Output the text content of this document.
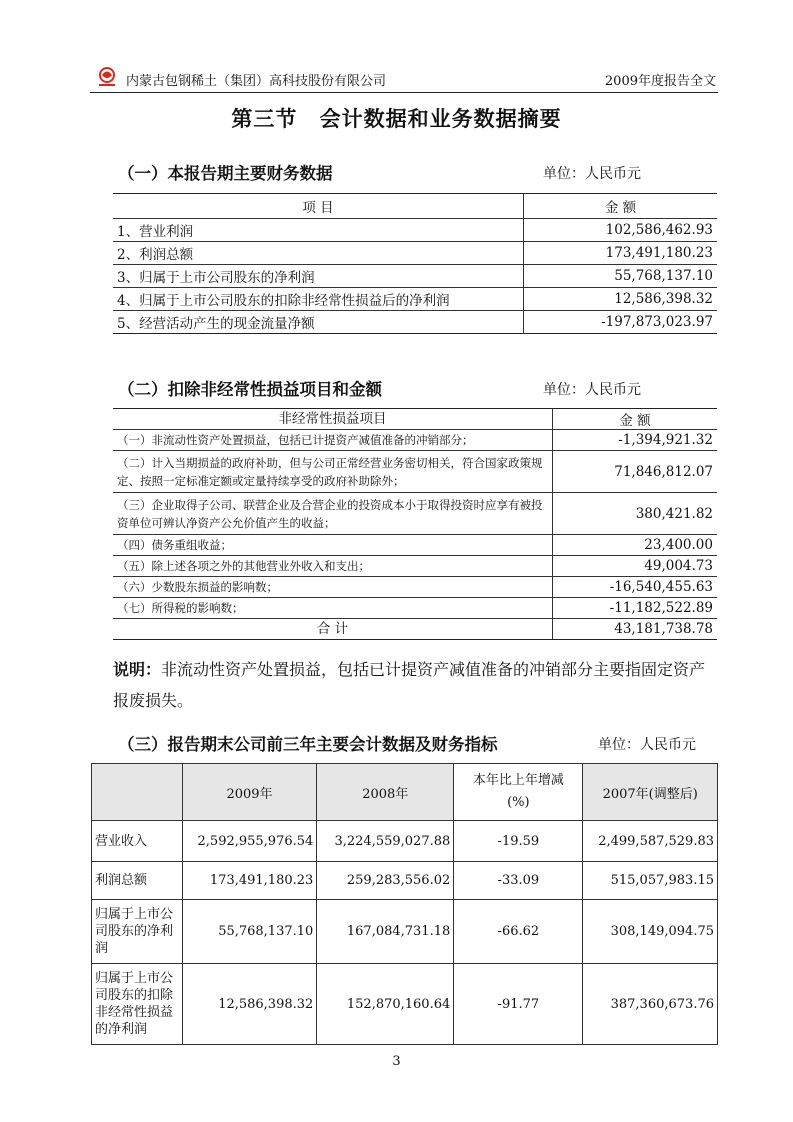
内蒙古包钢稀土（集团）高科技股份有限公司	2009年度报告全文
第三节 会计数据和业务数据摘要
（一）本报告期主要财务数据	单位：人民币元
项 目	金 额
1、营业利润	102,586,462.93
2、利润总额	173,491,180.23
3、归属于上市公司股东的净利润	55,768,137.10
4、归属于上市公司股东的扣除非经常性损益后的净利润	12,586,398.32
5、经营活动产生的现金流量净额	-197,873,023.97
（二）扣除非经常性损益项目和金额	单位：人民币元
非经常性损益项目	金 额
（一）非流动性资产处置损益，包括已计提资产减值准备的冲销部分；	-1,394,921.32
（二）计入当期损益的政府补助，但与公司正常经营业务密切相关，符合国家政策规定、按照一定标准定额或定量持续享受的政府补助除外；	71,846,812.07
（三）企业取得子公司、联营企业及合营企业的投资成本小于取得投资时应享有被投资单位可辨认净资产公允价值产生的收益；	380,421.82
（四）债务重组收益；	23,400.00
（五）除上述各项之外的其他营业外收入和支出；	49,004.73
（六）少数股东损益的影响数；	-16,540,455.63
（七）所得税的影响数；	-11,182,522.89
合 计	43,181,738.78
说明：非流动性资产处置损益，包括已计提资产减值准备的冲销部分主要指固定资产报废损失。
（三）报告期末公司前三年主要会计数据及财务指标	单位：人民币元
	2009年	2008年	本年比上年增减(%)	2007年(调整后)
营业收入	2,592,955,976.54	3,224,559,027.88	-19.59	2,499,587,529.83
利润总额	173,491,180.23	259,283,556.02	-33.09	515,057,983.15
归属于上市公司股东的净利润	55,768,137.10	167,084,731.18	-66.62	308,149,094.75
归属于上市公司股东的扣除非经常性损益的净利润	12,586,398.32	152,870,160.64	-91.77	387,360,673.76
3
